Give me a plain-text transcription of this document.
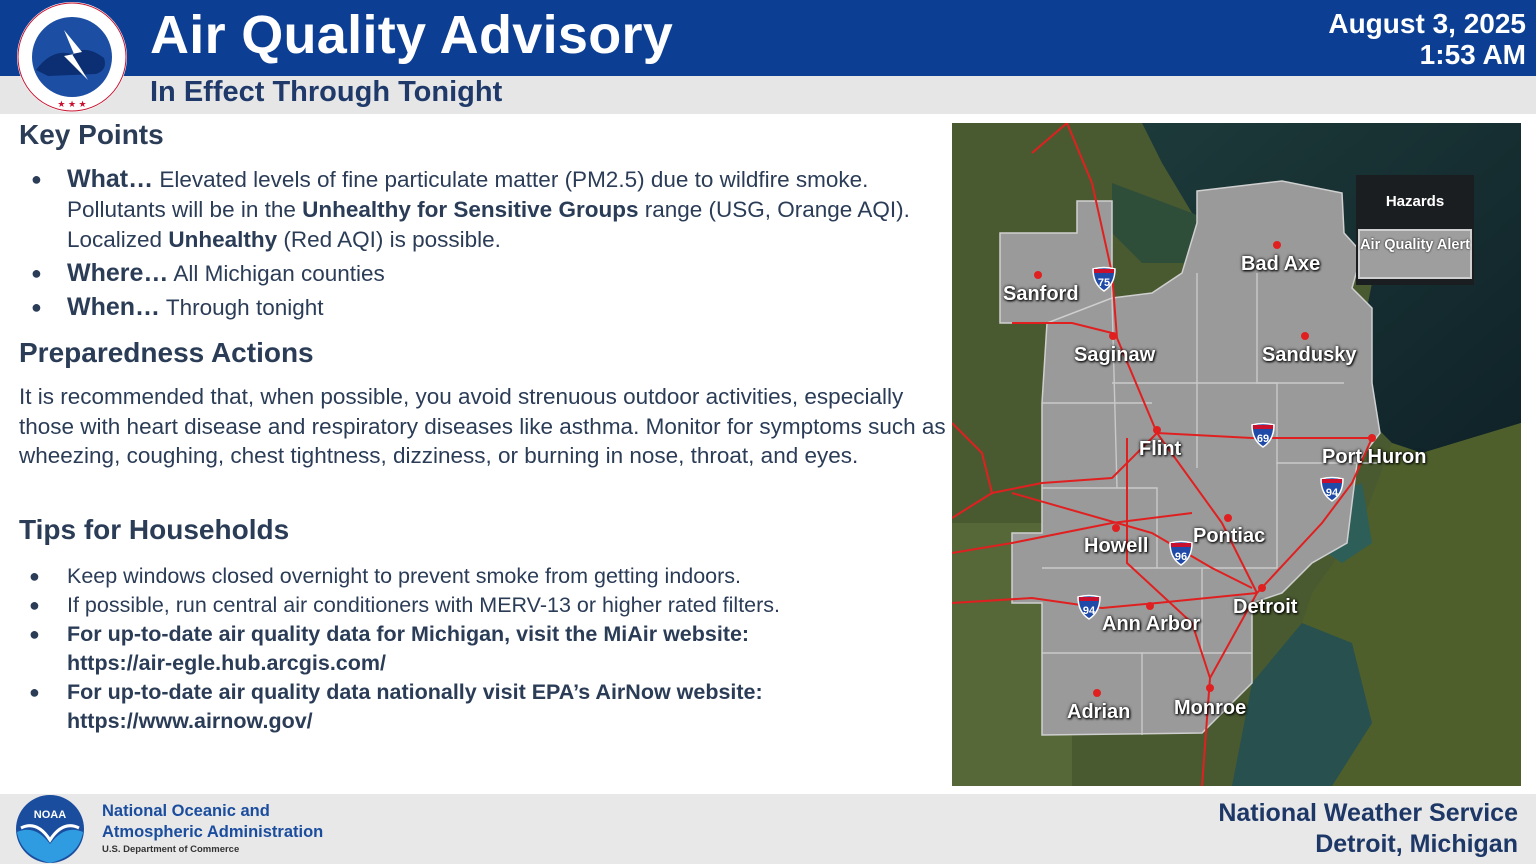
★ ★ ★
Air Quality Advisory
In Effect Through Tonight
August 3, 2025
1:53 AM
Key Points
● What… Elevated levels of fine particulate matter (PM2.5) due to wildfire smoke. Pollutants will be in the Unhealthy for Sensitive Groups range (USG, Orange AQI). Localized Unhealthy (Red AQI) is possible.
● Where… All Michigan counties
● When… Through tonight
Preparedness Actions
It is recommended that, when possible, you avoid strenuous outdoor activities, especially those with heart disease and respiratory diseases like asthma. Monitor for symptoms such as wheezing, coughing, chest tightness, dizziness, or burning in nose, throat, and eyes.
Tips for Households
● Keep windows closed overnight to prevent smoke from getting indoors.
● If possible, run central air conditioners with MERV-13 or higher rated filters.
● For up-to-date air quality data for Michigan, visit the MiAir website:
https://air-egle.hub.arcgis.com/
● For up-to-date air quality data nationally visit EPA’s AirNow website:
https://www.airnow.gov/
75
69
94
96
94
Sanford
Bad Axe
Saginaw	Sandusky
Flint	Port Huron
Howell Pontiac
Detroit
Ann Arbor
Adrian Monroe
Hazards
Air Quality Alert
NOAA National Oceanic and
Atmospheric Administration
U.S. Department of Commerce
National Weather Service
Detroit, Michigan
